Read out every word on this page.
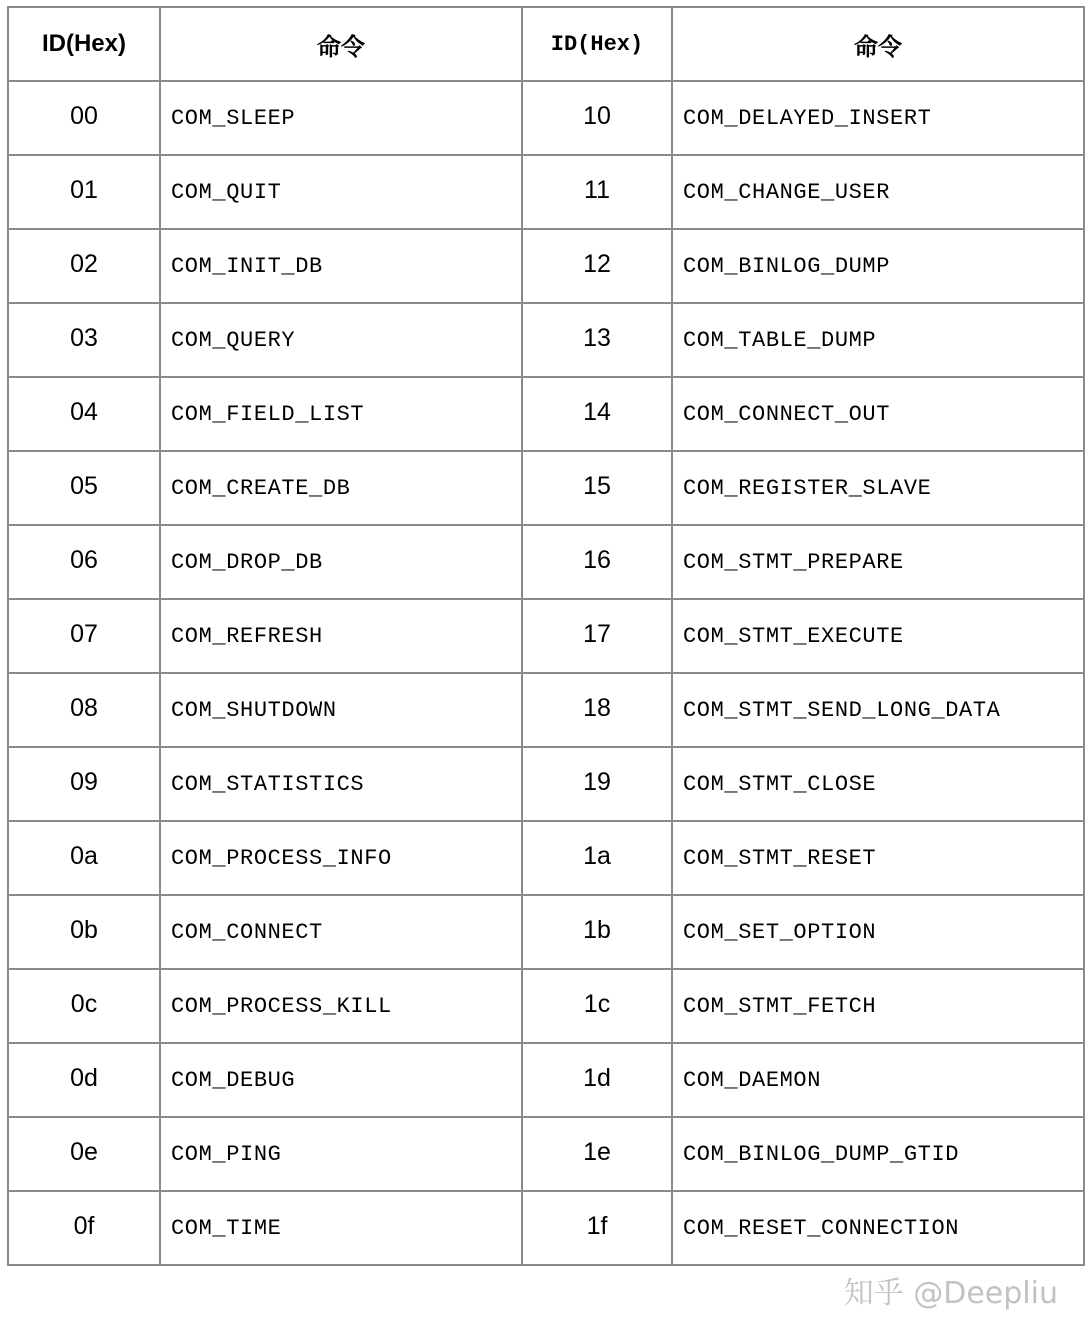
ID(Hex)	命令	ID(Hex)	命令
00	COM_SLEEP	10	COM_DELAYED_INSERT
01	COM_QUIT	11	COM_CHANGE_USER
02	COM_INIT_DB	12	COM_BINLOG_DUMP
03	COM_QUERY	13	COM_TABLE_DUMP
04	COM_FIELD_LIST	14	COM_CONNECT_OUT
05	COM_CREATE_DB	15	COM_REGISTER_SLAVE
06	COM_DROP_DB	16	COM_STMT_PREPARE
07	COM_REFRESH	17	COM_STMT_EXECUTE
08	COM_SHUTDOWN	18	COM_STMT_SEND_LONG_DATA
09	COM_STATISTICS	19	COM_STMT_CLOSE
0a	COM_PROCESS_INFO	1a	COM_STMT_RESET
0b	COM_CONNECT	1b	COM_SET_OPTION
0c	COM_PROCESS_KILL	1c	COM_STMT_FETCH
0d	COM_DEBUG	1d	COM_DAEMON
0e	COM_PING	1e	COM_BINLOG_DUMP_GTID
0f	COM_TIME	1f	COM_RESET_CONNECTION
知乎 @Deepliu
